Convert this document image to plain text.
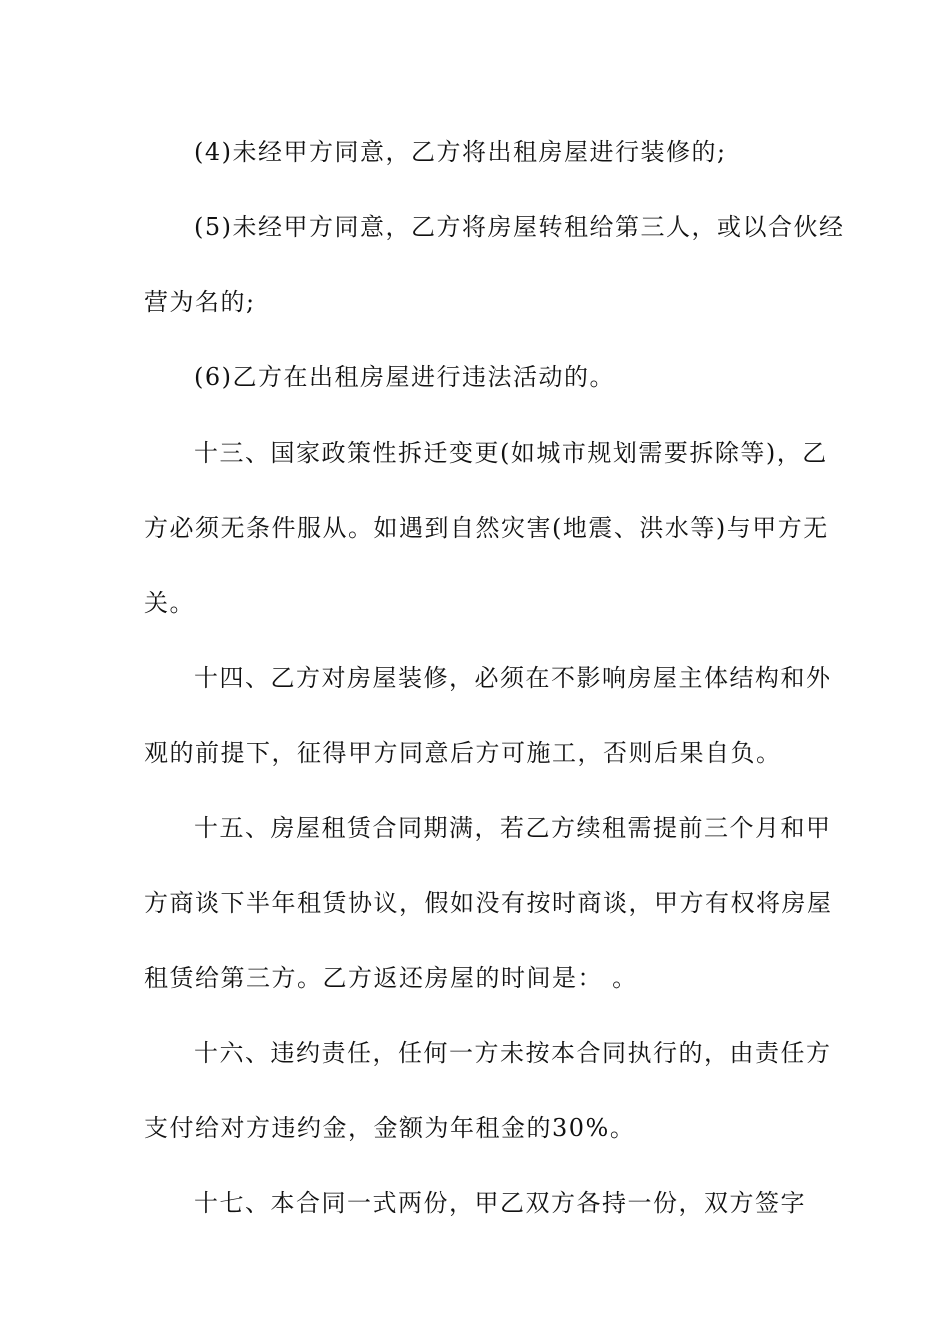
(4)未经甲方同意，乙方将出租房屋进行装修的;
(5)未经甲方同意，乙方将房屋转租给第三人，或以合伙经
营为名的;
(6)乙方在出租房屋进行违法活动的。
十三、国家政策性拆迁变更(如城市规划需要拆除等)，乙
方必须无条件服从。如遇到自然灾害(地震、洪水等)与甲方无
关。
十四、乙方对房屋装修，必须在不影响房屋主体结构和外
观的前提下，征得甲方同意后方可施工，否则后果自负。
十五、房屋租赁合同期满，若乙方续租需提前三个月和甲
方商谈下半年租赁协议，假如没有按时商谈，甲方有权将房屋
租赁给第三方。乙方返还房屋的时间是： 。
十六、违约责任，任何一方未按本合同执行的，由责任方
支付给对方违约金，金额为年租金的30%。
十七、本合同一式两份，甲乙双方各持一份，双方签字
